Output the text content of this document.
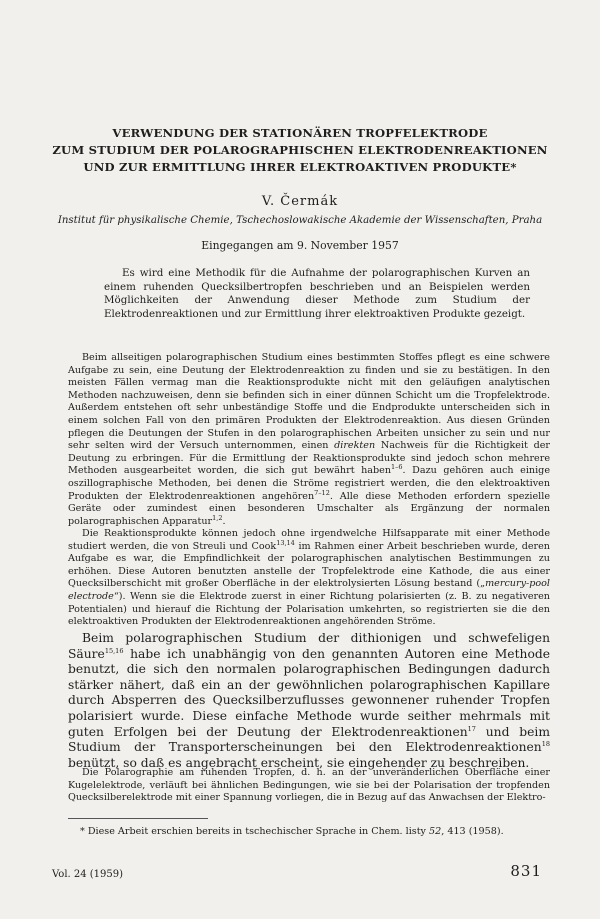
VERWENDUNG DER STATIONÄREN TROPFELEKTRODE
ZUM STUDIUM DER POLAROGRAPHISCHEN ELEKTRODENREAKTIONEN
UND ZUR ERMITTLUNG IHRER ELEKTROAKTIVEN PRODUKTE*
V. Čermák
Institut für physikalische Chemie, Tschechoslowakische Akademie der Wissenschaften, Praha
Eingegangen am 9. November 1957
Es wird eine Methodik für die Aufnahme der polarographischen Kurven an einem ruhenden Quecksilbertropfen beschrieben und an Beispielen werden Möglichkeiten der Anwendung dieser Methode zum Studium der Elektrodenreaktionen und zur Ermittlung ihrer elektroaktiven Produkte gezeigt.
Beim allseitigen polarographischen Studium eines bestimmten Stoffes pflegt es eine schwere Aufgabe zu sein, eine Deutung der Elektrodenreaktion zu finden und sie zu bestätigen. In den meisten Fällen vermag man die Reaktionsprodukte nicht mit den geläufigen analytischen Methoden nachzuweisen, denn sie befinden sich in einer dünnen Schicht um die Tropfelektrode. Außerdem entstehen oft sehr unbeständige Stoffe und die Endprodukte unterscheiden sich in einem solchen Fall von den primären Produkten der Elektrodenreaktion. Aus diesen Gründen pflegen die Deutungen der Stufen in den polarographischen Arbeiten unsicher zu sein und nur sehr selten wird der Versuch unternommen, einen direkten Nachweis für die Richtigkeit der Deutung zu erbringen. Für die Ermittlung der Reaktionsprodukte sind jedoch schon mehrere Methoden ausgearbeitet worden, die sich gut bewährt haben$^{1-6}$. Dazu gehören auch einige oszillographische Methoden, bei denen die Ströme registriert werden, die den elektroaktiven Produkten der Elektrodenreaktionen angehören$^{7-12}$. Alle diese Methoden erfordern spezielle Geräte oder zumindest einen besonderen Umschalter als Ergänzung der normalen polarographischen Apparatur$^{1,2}$.
Die Reaktionsprodukte können jedoch ohne irgendwelche Hilfsapparate mit einer Methode studiert werden, die von Streuli und Cook$^{13,14}$ im Rahmen einer Arbeit beschrieben wurde, deren Aufgabe es war, die Empfindlichkeit der polarographischen analytischen Bestimmungen zu erhöhen. Diese Autoren benutzten anstelle der Tropfelektrode eine Kathode, die aus einer Quecksilberschicht mit großer Oberfläche in der elektrolysierten Lösung bestand („mercury-pool electrode“). Wenn sie die Elektrode zuerst in einer Richtung polarisierten (z. B. zu negativeren Potentialen) und hierauf die Richtung der Polarisation umkehrten, so registrierten sie die den elektroaktiven Produkten der Elektrodenreaktionen angehörenden Ströme.
Beim polarographischen Studium der dithionigen und schwefeligen Säure$^{15,16}$ habe ich unabhängig von den genannten Autoren eine Methode benutzt, die sich den normalen polarographischen Bedingungen dadurch stärker nähert, daß ein an der gewöhnlichen polarographischen Kapillare durch Absperren des Quecksilberzuflusses gewonnener ruhender Tropfen polarisiert wurde. Diese einfache Methode wurde seither mehrmals mit guten Erfolgen bei der Deutung der Elektrodenreaktionen$^{17}$ und beim Studium der Transporterscheinungen bei den Elektrodenreaktionen$^{18}$ benützt, so daß es angebracht erscheint, sie eingehender zu beschreiben.
Die Polarographie am ruhenden Tropfen, d. h. an der unveränderlichen Oberfläche einer Kugelelektrode, verläuft bei ähnlichen Bedingungen, wie sie bei der Polarisation der tropfenden Quecksilberelektrode mit einer Spannung vorliegen, die in Bezug auf das Anwachsen der Elektro-
* Diese Arbeit erschien bereits in tschechischer Sprache in Chem. listy 52, 413 (1958).
Vol. 24 (1959)	831
